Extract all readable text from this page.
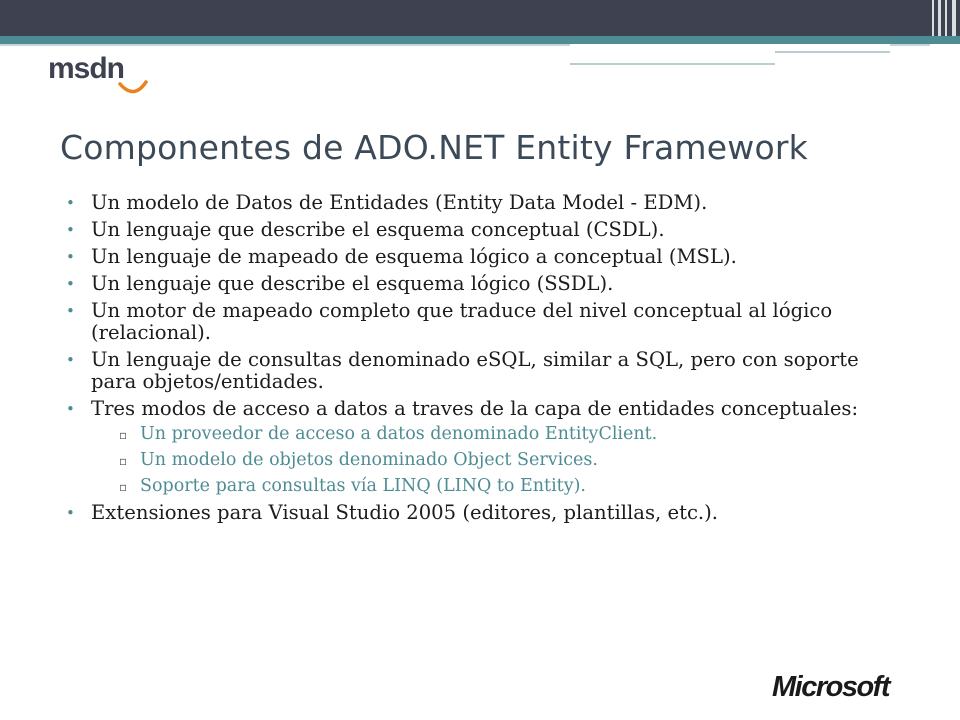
msdn
Componentes de ADO.NET Entity Framework
• Un modelo de Datos de Entidades (Entity Data Model - EDM).
• Un lenguaje que describe el esquema conceptual (CSDL).
• Un lenguaje de mapeado de esquema lógico a conceptual (MSL).
• Un lenguaje que describe el esquema lógico (SSDL).
• Un motor de mapeado completo que traduce del nivel conceptual al lógico (relacional).
• Un lenguaje de consultas denominado eSQL, similar a SQL, pero con soporte para objetos/entidades.
• Tres modos de acceso a datos a traves de la capa de entidades conceptuales:
▫ Un proveedor de acceso a datos denominado EntityClient.
▫ Un modelo de objetos denominado Object Services.
▫ Soporte para consultas vía LINQ (LINQ to Entity).
• Extensiones para Visual Studio 2005 (editores, plantillas, etc.).
Microsoft
